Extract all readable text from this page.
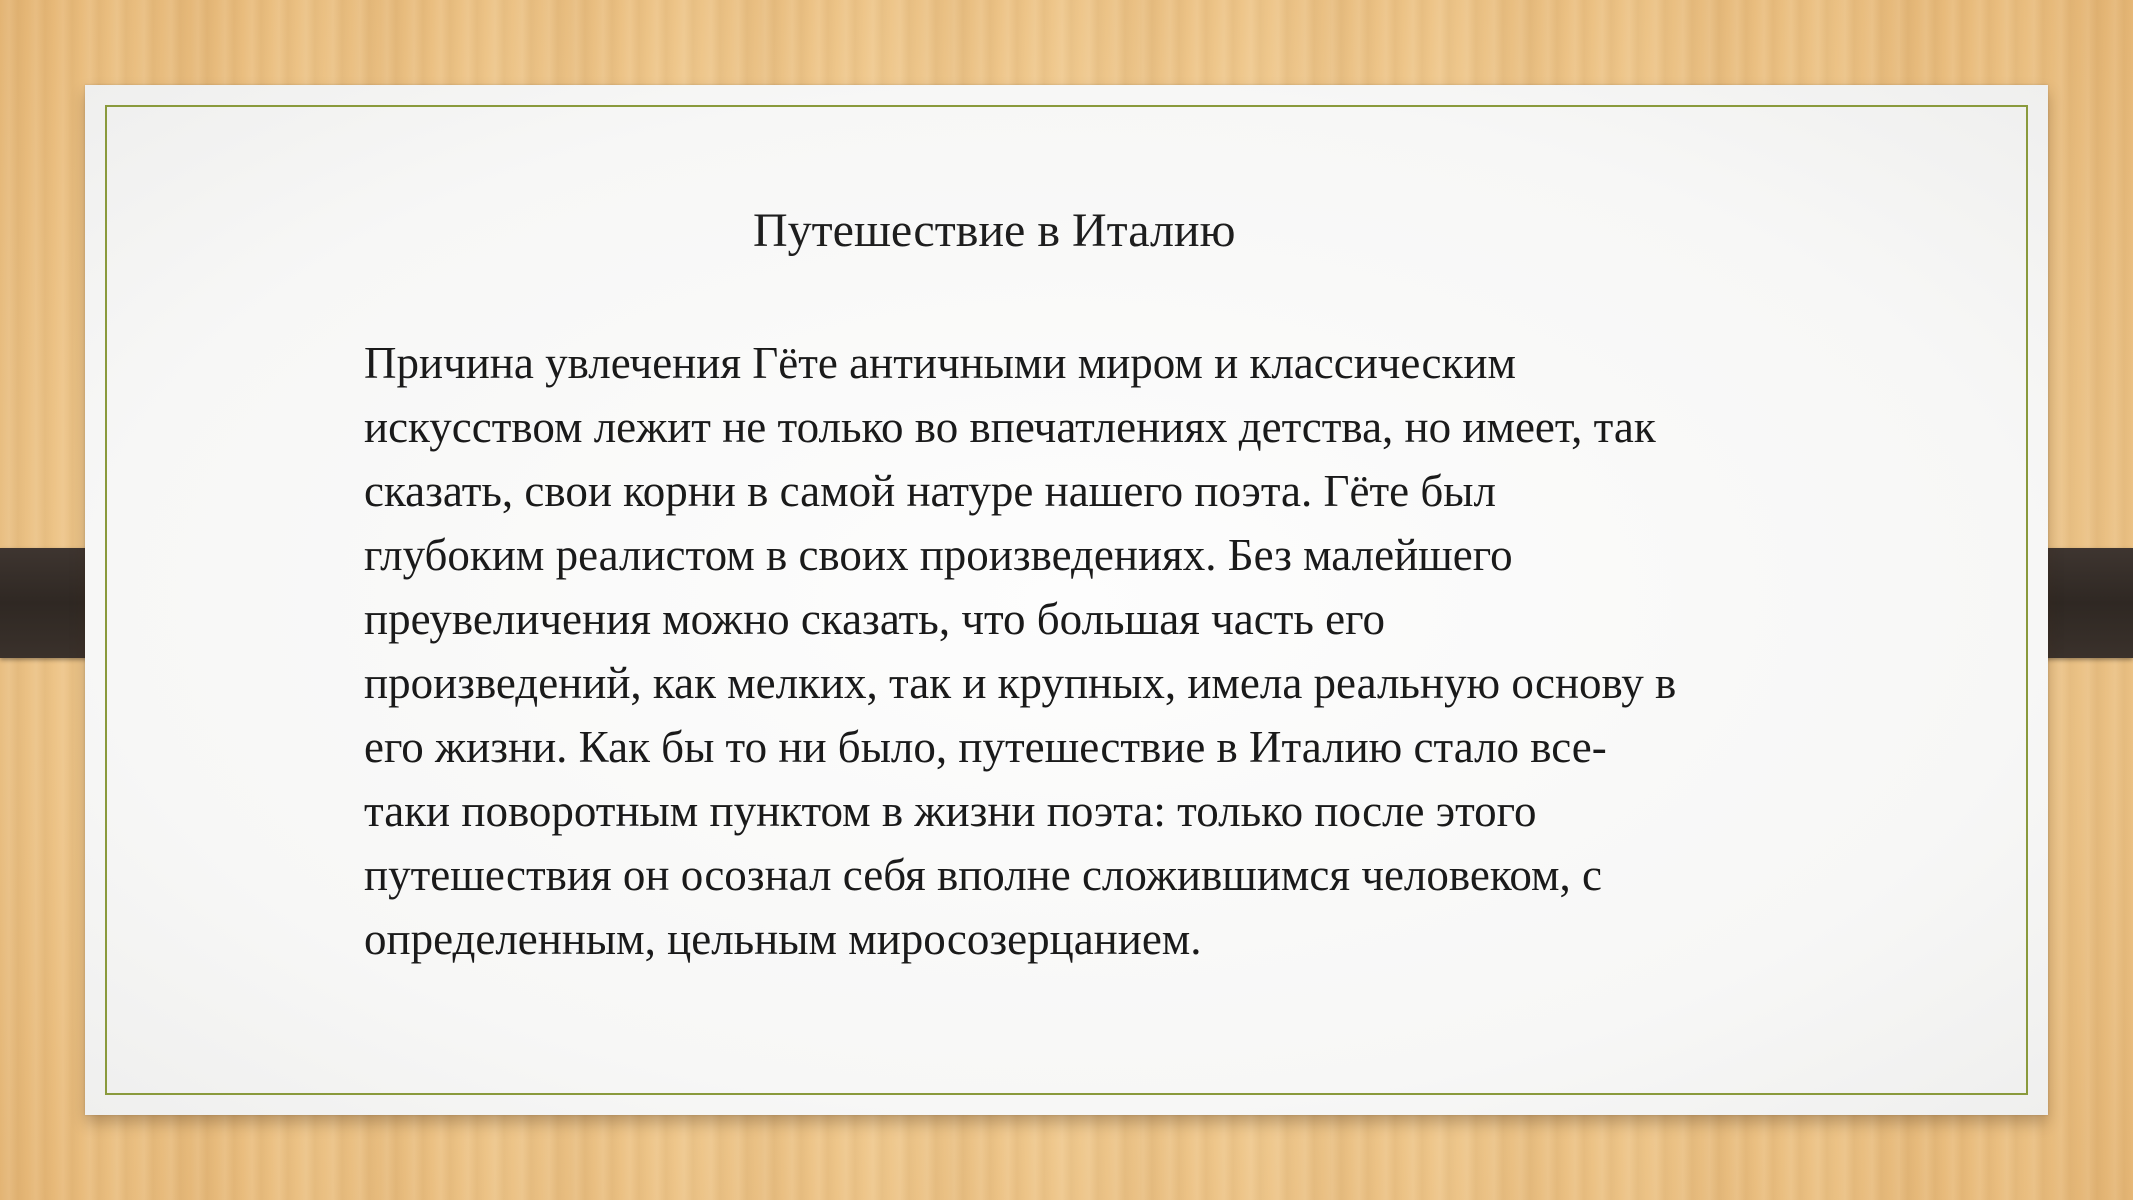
Путешествие в Италию

Причина увлечения Гёте античными миром и классическим
искусством лежит не только во впечатлениях детства, но имеет, так
сказать, свои корни в самой натуре нашего поэта. Гёте был
глубоким реалистом в своих произведениях. Без малейшего
преувеличения можно сказать, что большая часть его
произведений, как мелких, так и крупных, имела реальную основу в
его жизни. Как бы то ни было, путешествие в Италию стало все-
таки поворотным пунктом в жизни поэта: только после этого
путешествия он осознал себя вполне сложившимся человеком, с
определенным, цельным миросозерцанием.
